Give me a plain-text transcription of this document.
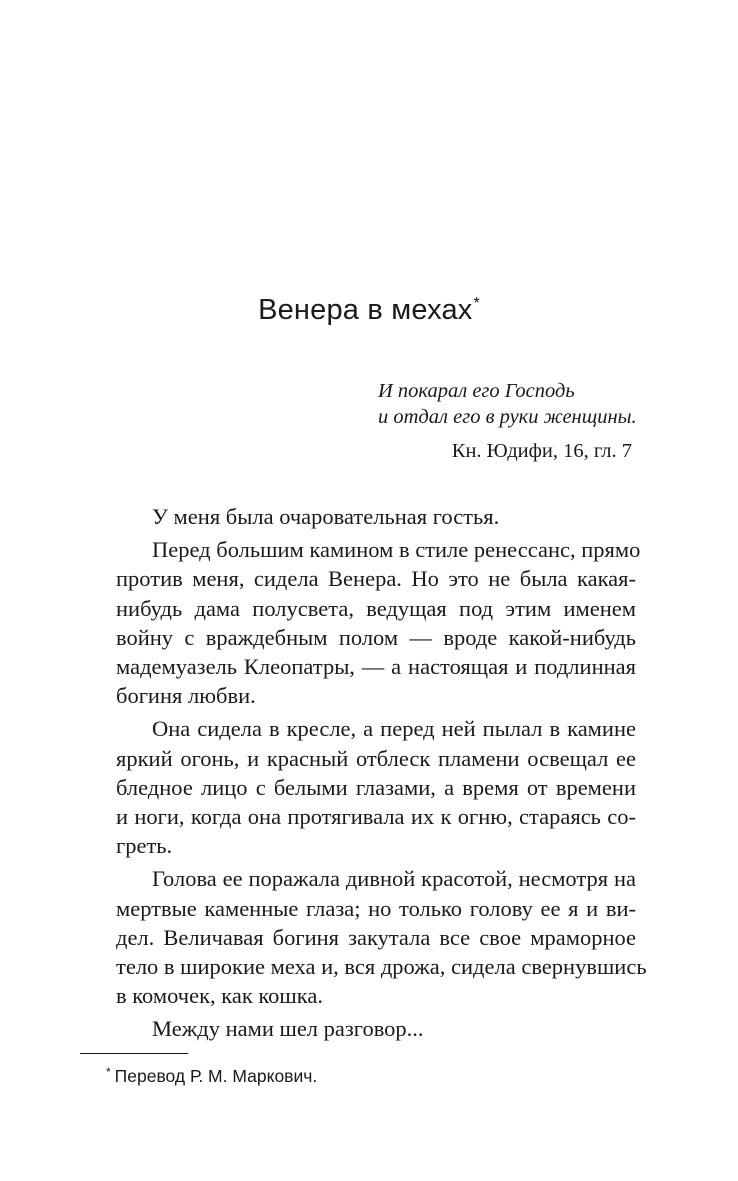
Венера в мехах*
И покарал его Господь
и отдал его в руки женщины.
Кн. Юдифи, 16, гл. 7
У меня была очаровательная гостья.
Перед большим камином в стиле ренессанс, прямо
против меня, сидела Венера. Но это не была какая-
нибудь дама полусвета, ведущая под этим именем
войну с враждебным полом — вроде какой-нибудь
мадемуазель Клеопатры, — а настоящая и подлинная
богиня любви.
Она сидела в кресле, а перед ней пылал в камине
яркий огонь, и красный отблеск пламени освещал ее
бледное лицо с белыми глазами, а время от времени
и ноги, когда она протягивала их к огню, стараясь со-
греть.
Голова ее поражала дивной красотой, несмотря на
мертвые каменные глаза; но только голову ее я и ви-
дел. Величавая богиня закутала все свое мраморное
тело в широкие меха и, вся дрожа, сидела свернувшись
в комочек, как кошка.
Между нами шел разговор...
* Перевод Р. М. Маркович.
